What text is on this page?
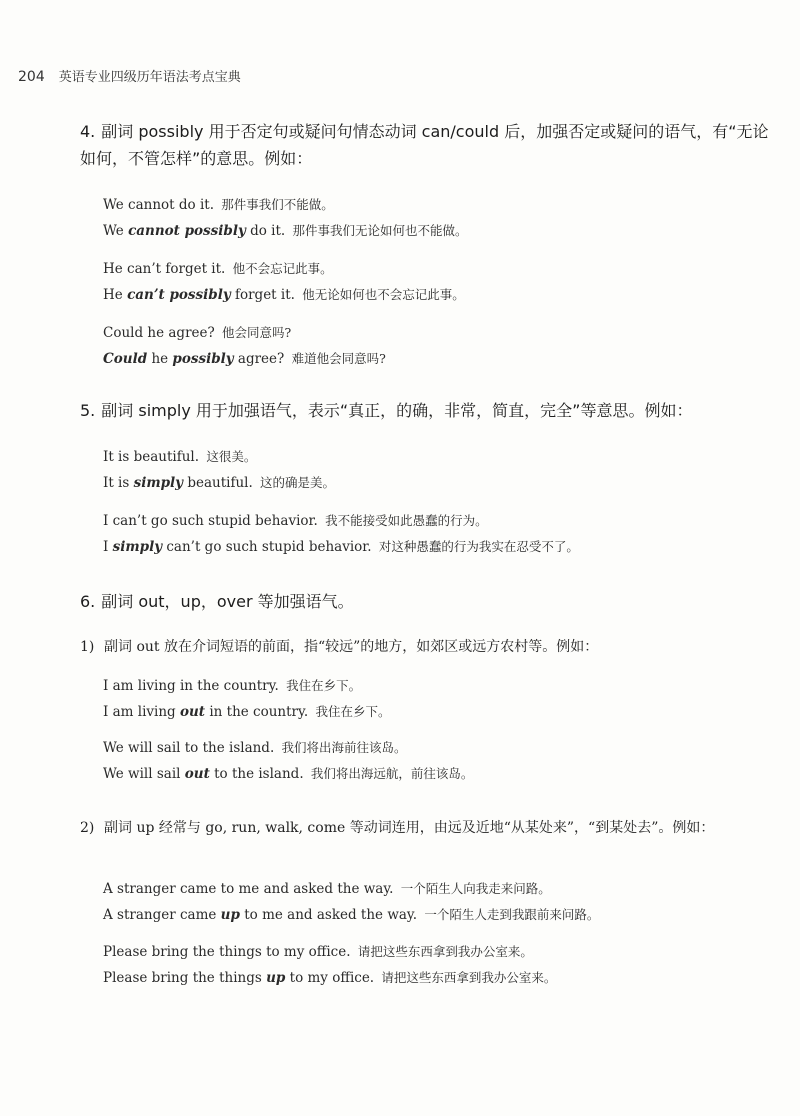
204 英语专业四级历年语法考点宝典

4. 副词 possibly 用于否定句或疑问句情态动词 can/could 后，加强否定或疑问的语气，有“无论如何，不管怎样”的意思。例如：

We cannot do it. 那件事我们不能做。
We cannot possibly do it. 那件事我们无论如何也不能做。
He can’t forget it. 他不会忘记此事。
He can’t possibly forget it. 他无论如何也不会忘记此事。
Could he agree? 他会同意吗?
Could he possibly agree? 难道他会同意吗?

5. 副词 simply 用于加强语气，表示“真正，的确，非常，简直，完全”等意思。例如：

It is beautiful. 这很美。
It is simply beautiful. 这的确是美。
I can’t go such stupid behavior. 我不能接受如此愚蠢的行为。
I simply can’t go such stupid behavior. 对这种愚蠢的行为我实在忍受不了。

6. 副词 out，up，over 等加强语气。

1) 副词 out 放在介词短语的前面，指“较远”的地方，如郊区或远方农村等。例如：
I am living in the country. 我住在乡下。
I am living out in the country. 我住在乡下。
We will sail to the island. 我们将出海前往该岛。
We will sail out to the island. 我们将出海远航，前往该岛。
2) 副词 up 经常与 go, run, walk, come 等动词连用，由远及近地“从某处来”，“到某处去”。例如：
A stranger came to me and asked the way. 一个陌生人向我走来问路。
A stranger came up to me and asked the way. 一个陌生人走到我跟前来问路。
Please bring the things to my office. 请把这些东西拿到我办公室来。
Please bring the things up to my office. 请把这些东西拿到我办公室来。
